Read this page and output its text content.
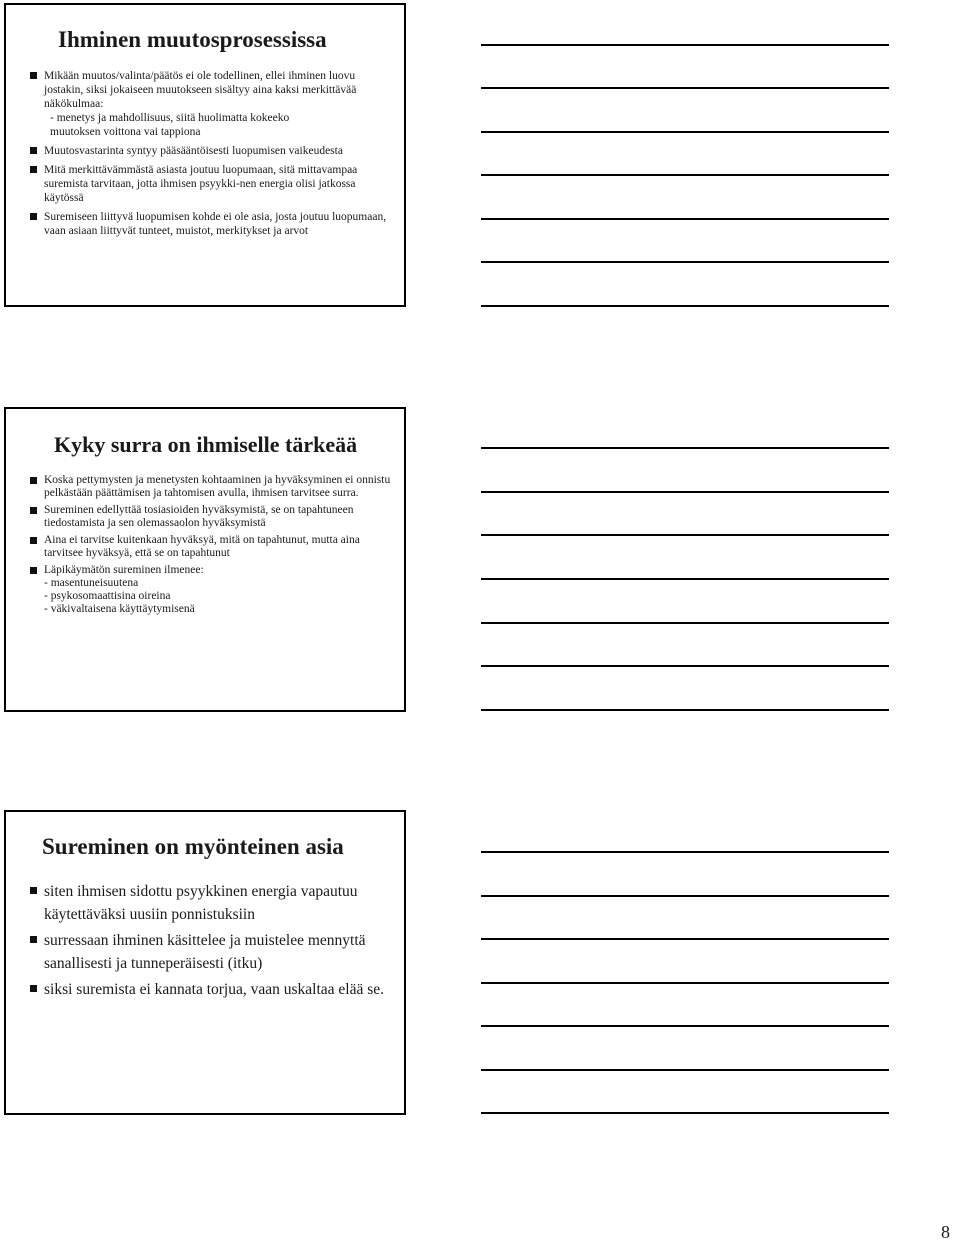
Ihminen muutosprosessissa
Mikään muutos/valinta/päätös ei ole todellinen, ellei ihminen luovu jostakin, siksi jokaiseen muutokseen sisältyy aina kaksi merkittävää näkökulmaa:
- menetys ja mahdollisuus, siitä huolimatta kokeeko
muutoksen voittona vai tappiona
Muutosvastarinta syntyy pääsääntöisesti luopumisen vaikeudesta
Mitä merkittävämmästä asiasta joutuu luopumaan, sitä mittavampaa suremista tarvitaan, jotta ihmisen psyykki-nen energia olisi jatkossa käytössä
Suremiseen liittyvä luopumisen kohde ei ole asia, josta joutuu luopumaan, vaan asiaan liittyvät tunteet, muistot, merkitykset ja arvot
Kyky surra on ihmiselle tärkeää
Koska pettymysten ja menetysten kohtaaminen ja hyväksyminen ei onnistu pelkästään päättämisen ja tahtomisen avulla, ihmisen tarvitsee surra.
Sureminen edellyttää tosiasioiden hyväksymistä, se on tapahtuneen tiedostamista ja sen olemassaolon hyväksymistä
Aina ei tarvitse kuitenkaan hyväksyä, mitä on tapahtunut, mutta aina tarvitsee hyväksyä, että se on tapahtunut
Läpikäymätön sureminen ilmenee:
- masentuneisuutena
- psykosomaattisina oireina
- väkivaltaisena käyttäytymisenä
Sureminen on myönteinen asia
siten ihmisen sidottu psyykkinen energia vapautuu käytettäväksi uusiin ponnistuksiin
surressaan ihminen käsittelee ja muistelee mennyttä sanallisesti ja tunneperäisesti (itku)
siksi suremista ei kannata torjua, vaan uskaltaa elää se.
8
